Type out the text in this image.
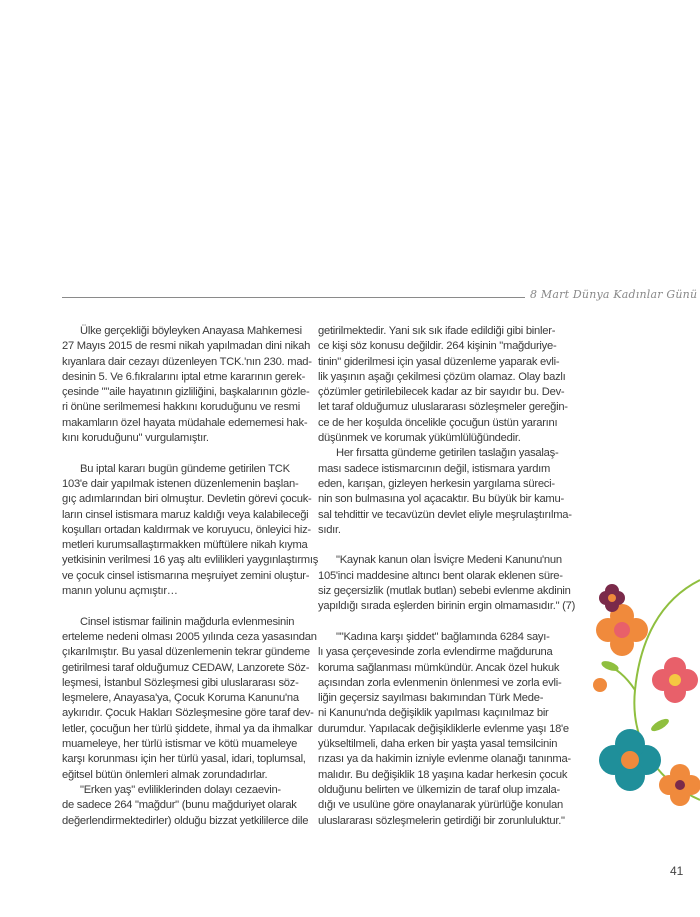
8 Mart Dünya Kadınlar Günü

Ülke gerçekliği böyleyken Anayasa Mahkemesi
27 Mayıs 2015 de resmi nikah yapılmadan dini nikah
kıyanlara dair cezayı düzenleyen TCK.'nın 230. mad-
desinin 5. Ve 6.fıkralarını iptal etme kararının gerek-
çesinde ""aile hayatının gizliliğini, başkalarının gözle-
ri önüne serilmemesi hakkını koruduğunu ve resmi
makamların özel hayata müdahale edememesi hak-
kını koruduğunu" vurgulamıştır.

Bu iptal kararı bugün gündeme getirilen TCK
103'e dair yapılmak istenen düzenlemenin başlan-
gıç adımlarından biri olmuştur. Devletin görevi çocuk-
ların cinsel istismara maruz kaldığı veya kalabileceği
koşulları ortadan kaldırmak ve koruyucu, önleyici hiz-
metleri kurumsallaştırmakken müftülere nikah kıyma
yetkisinin verilmesi 16 yaş altı evlilikleri yaygınlaştırmış
ve çocuk cinsel istismarına meşruiyet zemini oluştur-
manın yolunu açmıştır…

Cinsel istismar failinin mağdurla evlenmesinin
erteleme nedeni olması 2005 yılında ceza yasasından
çıkarılmıştır. Bu yasal düzenlemenin tekrar gündeme
getirilmesi taraf olduğumuz CEDAW, Lanzorete Söz-
leşmesi, İstanbul Sözleşmesi gibi uluslararası söz-
leşmelere, Anayasa'ya, Çocuk Koruma Kanunu'na
aykırıdır. Çocuk Hakları Sözleşmesine göre taraf dev-
letler, çocuğun her türlü şiddete, ihmal ya da ihmalkar
muameleye, her türlü istismar ve kötü muameleye
karşı korunması için her türlü yasal, idari, toplumsal,
eğitsel bütün önlemleri almak zorundadırlar.

"Erken yaş" evliliklerinden dolayı cezaevin-
de sadece 264 "mağdur" (bunu mağduriyet olarak
değerlendirmektedirler) olduğu bizzat yetkililerce dile

getirilmektedir. Yani sık sık ifade edildiği gibi binler-
ce kişi söz konusu değildir. 264 kişinin "mağduriye-
tinin" giderilmesi için yasal düzenleme yaparak evli-
lik yaşının aşağı çekilmesi çözüm olamaz. Olay bazlı
çözümler getirilebilecek kadar az bir sayıdır bu. Dev-
let taraf olduğumuz uluslararası sözleşmeler gereğin-
ce de her koşulda öncelikle çocuğun üstün yararını
düşünmek ve korumak yükümlülüğündedir.

Her fırsatta gündeme getirilen taslağın yasalaş-
ması sadece istismarcının değil, istismara yardım
eden, karışan, gizleyen herkesin yargılama süreci-
nin son bulmasına yol açacaktır. Bu büyük bir kamu-
sal tehdittir ve tecavüzün devlet eliyle meşrulaştırılma-
sıdır.

"Kaynak kanun olan İsviçre Medeni Kanunu'nun
105'inci maddesine altıncı bent olarak eklenen süre-
siz geçersizlik (mutlak butlan) sebebi evlenme akdinin
yapıldığı sırada eşlerden birinin ergin olmamasıdır." (7)

""Kadına karşı şiddet" bağlamında 6284 sayı-
lı yasa çerçevesinde zorla evlendirme mağduruna
koruma sağlanması mümkündür. Ancak özel hukuk
açısından zorla evlenmenin önlenmesi ve zorla evli-
liğin geçersiz sayılması bakımından Türk Mede-
ni Kanunu'nda değişiklik yapılması kaçınılmaz bir
durumdur. Yapılacak değişikliklerle evlenme yaşı 18'e
yükseltilmeli, daha erken bir yaşta yasal temsilcinin
rızası ya da hakimin izniyle evlenme olanağı tanınma-
malıdır. Bu değişiklik 18 yaşına kadar herkesin çocuk
olduğunu belirten ve ülkemizin de taraf olup imzala-
dığı ve usulüne göre onaylanarak yürürlüğe konulan
uluslararası sözleşmelerin getirdiği bir zorunluluktur."

41
